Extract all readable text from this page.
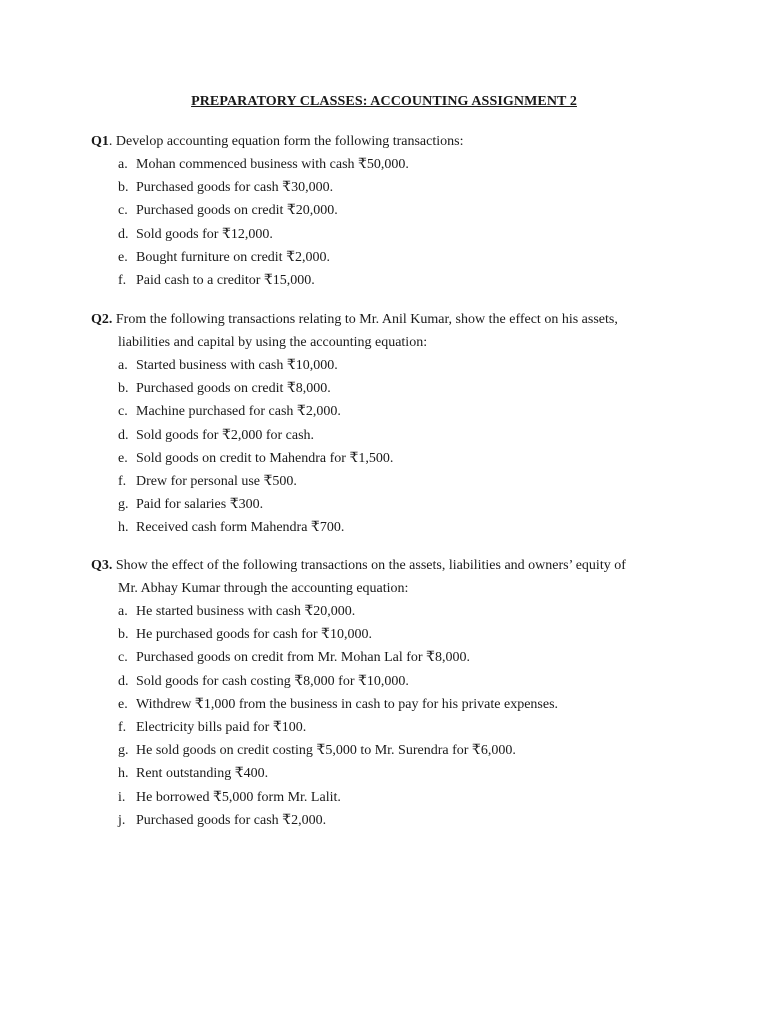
PREPARATORY CLASSES: ACCOUNTING ASSIGNMENT 2
Q1.
Develop accounting equation form the following transactions:
a. Mohan commenced business with cash ₹50,000.
b. Purchased goods for cash ₹30,000.
c. Purchased goods on credit ₹20,000.
d. Sold goods for ₹12,000.
e. Bought furniture on credit ₹2,000.
f. Paid cash to a creditor ₹15,000.
Q2.
From the following transactions relating to Mr. Anil Kumar, show the effect on his assets,
liabilities and capital by using the accounting equation:
a. Started business with cash ₹10,000.
b. Purchased goods on credit ₹8,000.
c. Machine purchased for cash ₹2,000.
d. Sold goods for ₹2,000 for cash.
e. Sold goods on credit to Mahendra for ₹1,500.
f. Drew for personal use ₹500.
g. Paid for salaries ₹300.
h. Received cash form Mahendra ₹700.
Q3.
Show the effect of the following transactions on the assets, liabilities and owners’ equity of
Mr. Abhay Kumar through the accounting equation:
a. He started business with cash ₹20,000.
b. He purchased goods for cash for ₹10,000.
c. Purchased goods on credit from Mr. Mohan Lal for ₹8,000.
d. Sold goods for cash costing ₹8,000 for ₹10,000.
e. Withdrew ₹1,000 from the business in cash to pay for his private expenses.
f. Electricity bills paid for ₹100.
g. He sold goods on credit costing ₹5,000 to Mr. Surendra for ₹6,000.
h. Rent outstanding ₹400.
i. He borrowed ₹5,000 form Mr. Lalit.
j. Purchased goods for cash ₹2,000.
